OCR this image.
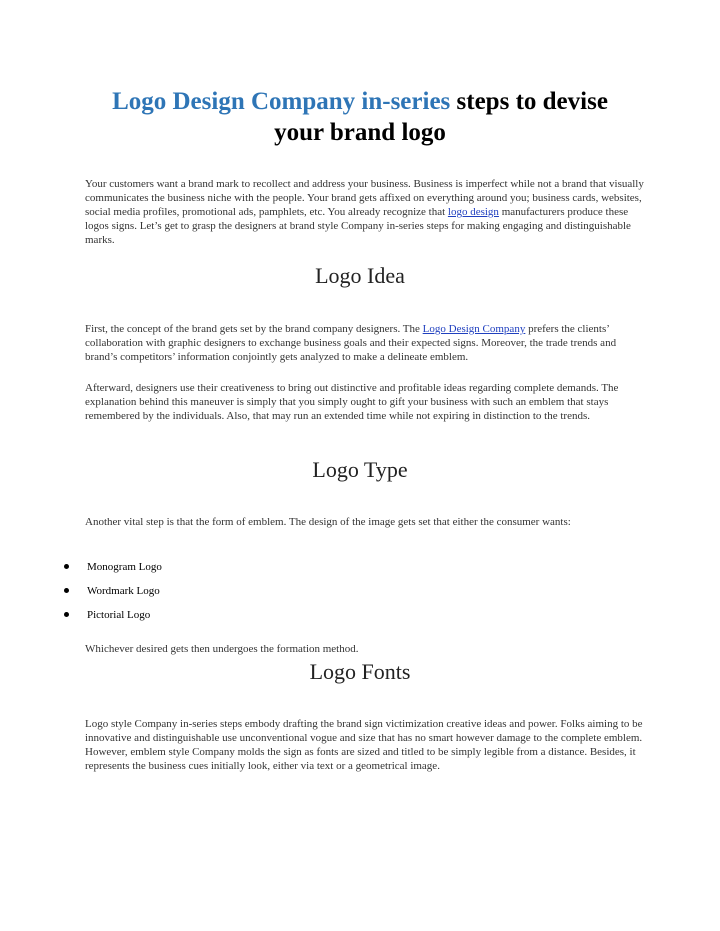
Logo Design Company in-series steps to devise
your brand logo

Your customers want a brand mark to recollect and address your business. Business is imperfect while not a brand that visually communicates the business niche with the people. Your brand gets affixed on everything around you; business cards, websites, social media profiles, promotional ads, pamphlets, etc. You already recognize that logo design manufacturers produce these logos signs. Let’s get to grasp the designers at brand style Company in-series steps for making engaging and distinguishable marks.

Logo Idea

First, the concept of the brand gets set by the brand company designers. The Logo Design Company prefers the clients’ collaboration with graphic designers to exchange business goals and their expected signs. Moreover, the trade trends and brand’s competitors’ information conjointly gets analyzed to make a delineate emblem.

Afterward, designers use their creativeness to bring out distinctive and profitable ideas regarding complete demands. The explanation behind this maneuver is simply that you simply ought to gift your business with such an emblem that stays remembered by the individuals. Also, that may run an extended time while not expiring in distinction to the trends.

Logo Type

Another vital step is that the form of emblem. The design of the image gets set that either the consumer wants:

Monogram Logo
Wordmark Logo
Pictorial Logo

Whichever desired gets then undergoes the formation method.

Logo Fonts

Logo style Company in-series steps embody drafting the brand sign victimization creative ideas and power. Folks aiming to be innovative and distinguishable use unconventional vogue and size that has no smart however damage to the complete emblem. However, emblem style Company molds the sign as fonts are sized and titled to be simply legible from a distance. Besides, it represents the business cues initially look, either via text or a geometrical image.
